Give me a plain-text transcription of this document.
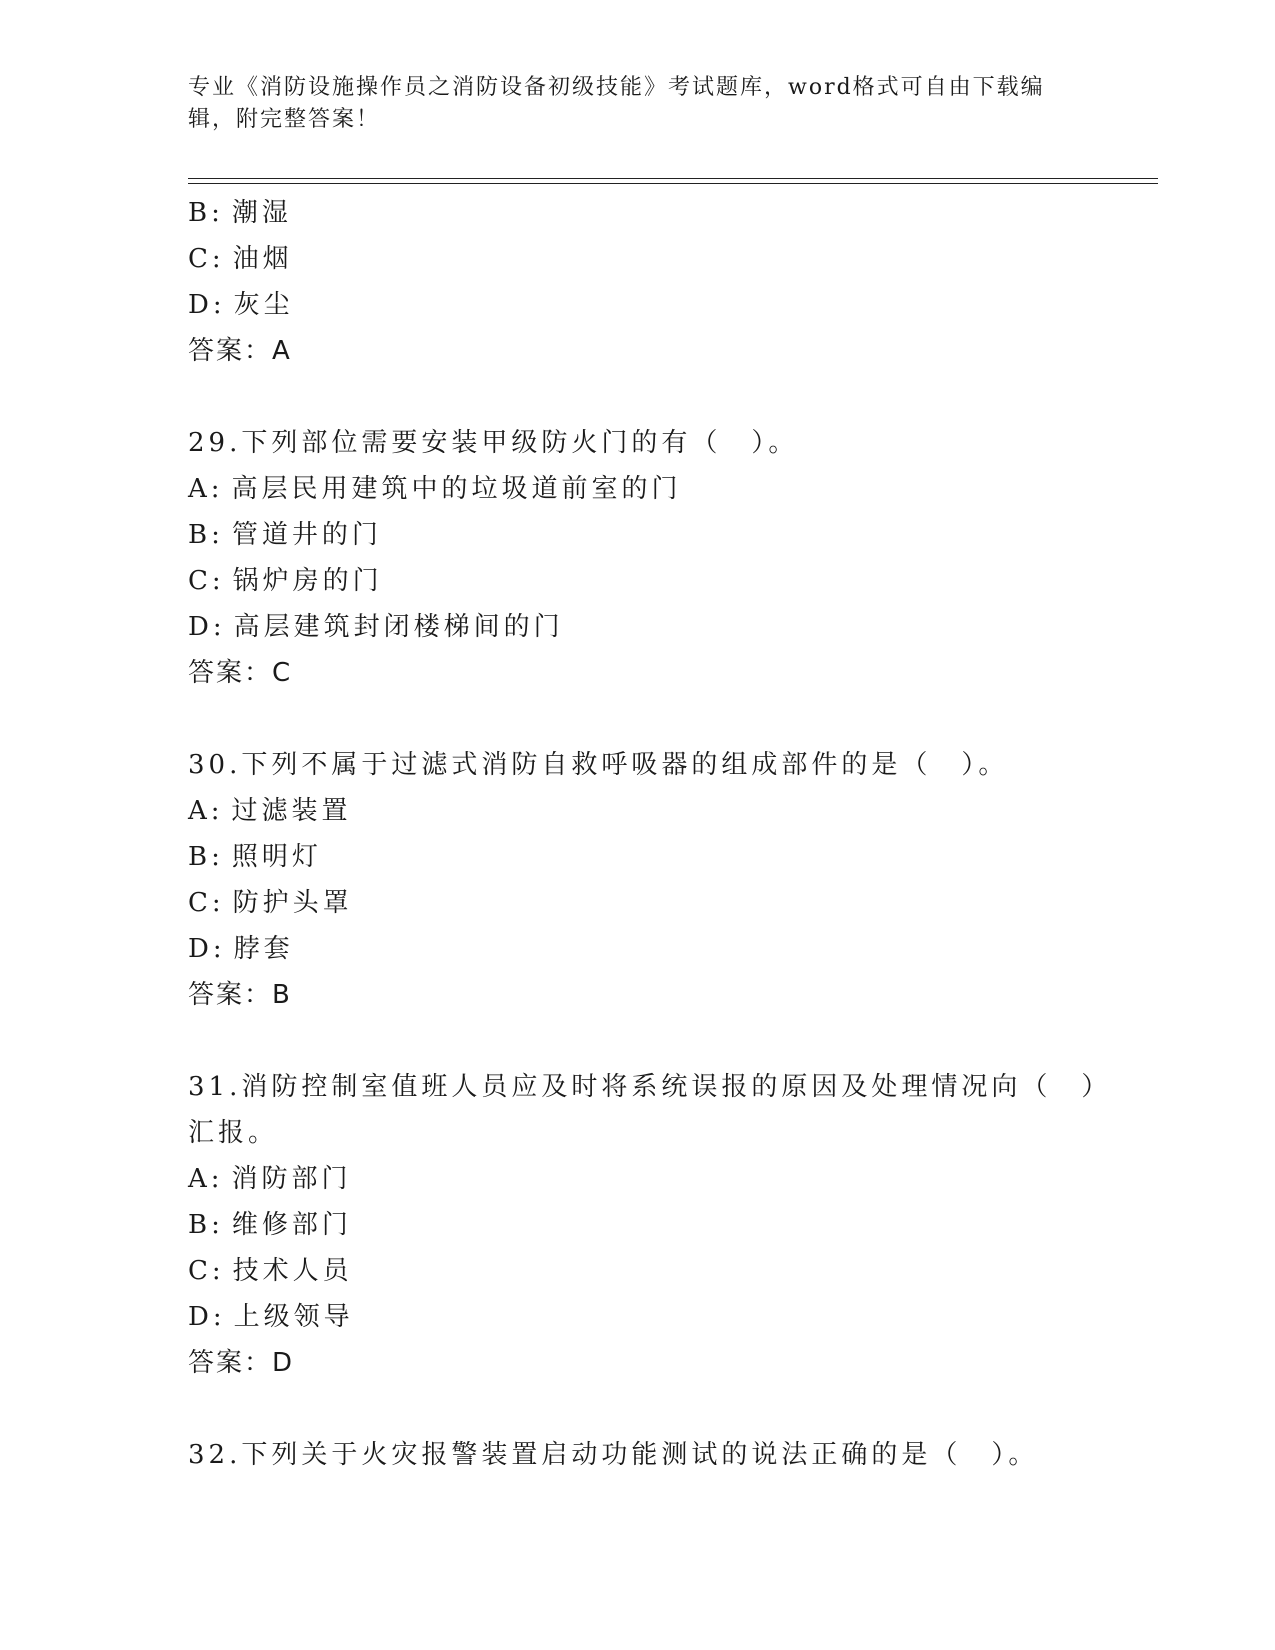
专业《消防设施操作员之消防设备初级技能》考试题库，word格式可自由下载编
辑，附完整答案！
B: 潮湿
C: 油烟
D: 灰尘
答案：A
29.下列部位需要安装甲级防火门的有（　）。
A: 高层民用建筑中的垃圾道前室的门
B: 管道井的门
C: 锅炉房的门
D: 高层建筑封闭楼梯间的门
答案：C
30.下列不属于过滤式消防自救呼吸器的组成部件的是（　）。
A: 过滤装置
B: 照明灯
C: 防护头罩
D: 脖套
答案：B
31.消防控制室值班人员应及时将系统误报的原因及处理情况向（　）
汇报。
A: 消防部门
B: 维修部门
C: 技术人员
D: 上级领导
答案：D
32.下列关于火灾报警装置启动功能测试的说法正确的是（　）。
